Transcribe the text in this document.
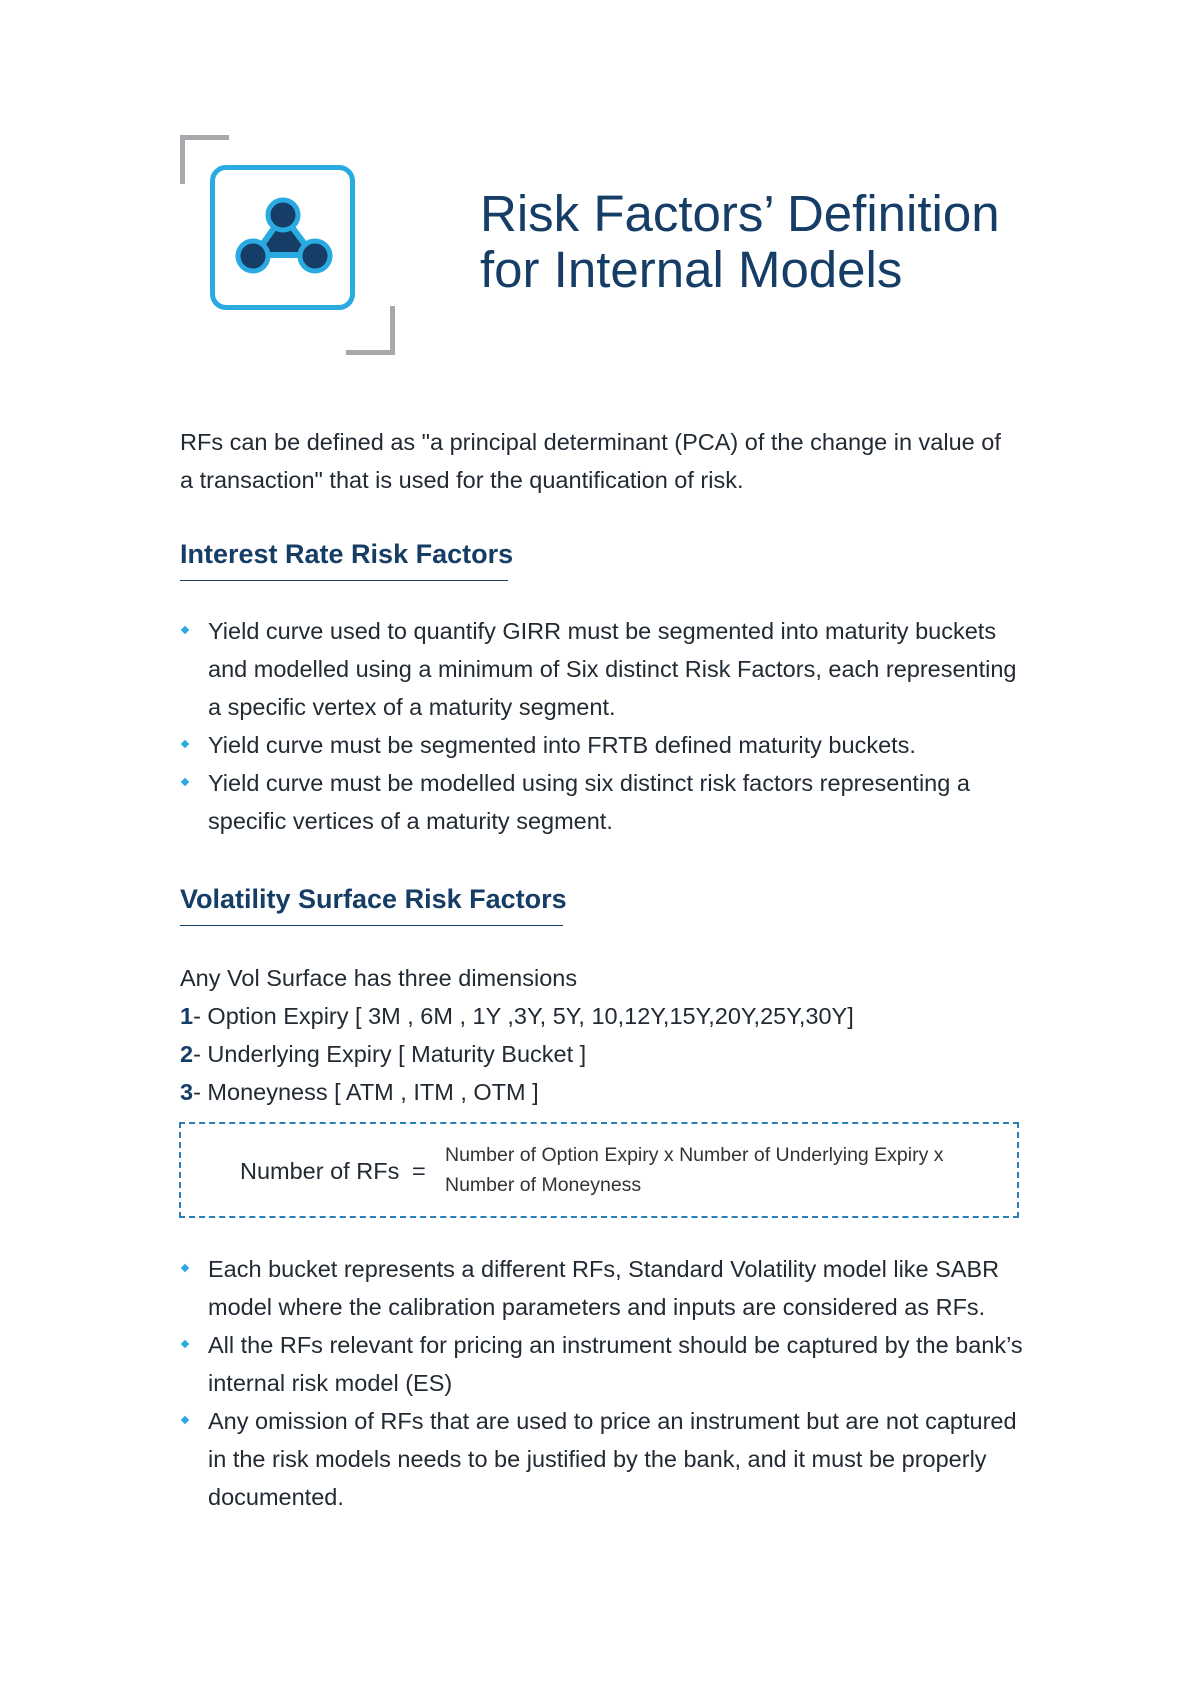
Risk Factors’ Definition
for Internal Models

RFs can be defined as "a principal determinant (PCA) of the change in value of a transaction" that is used for the quantification of risk.

Interest Rate Risk Factors
Yield curve used to quantify GIRR must be segmented into maturity buckets and modelled using a minimum of Six distinct Risk Factors, each representing a specific vertex of a maturity segment.
Yield curve must be segmented into FRTB defined maturity buckets.
Yield curve must be modelled using six distinct risk factors representing a specific vertices of a maturity segment.
Volatility Surface Risk Factors

Any Vol Surface has three dimensions

1- Option Expiry [ 3M , 6M , 1Y ,3Y, 5Y, 10,12Y,15Y,20Y,25Y,30Y]

2- Underlying Expiry [ Maturity Bucket ]

3- Moneyness [ ATM , ITM , OTM ]

Number of RFs =
Number of Option Expiry x Number of Underlying Expiry x
Number of Moneyness
Each bucket represents a different RFs, Standard Volatility model like SABR model where the calibration parameters and inputs are considered as RFs.
All the RFs relevant for pricing an instrument should be captured by the bank’s internal risk model (ES)
Any omission of RFs that are used to price an instrument but are not captured in the risk models needs to be justified by the bank, and it must be properly documented.
